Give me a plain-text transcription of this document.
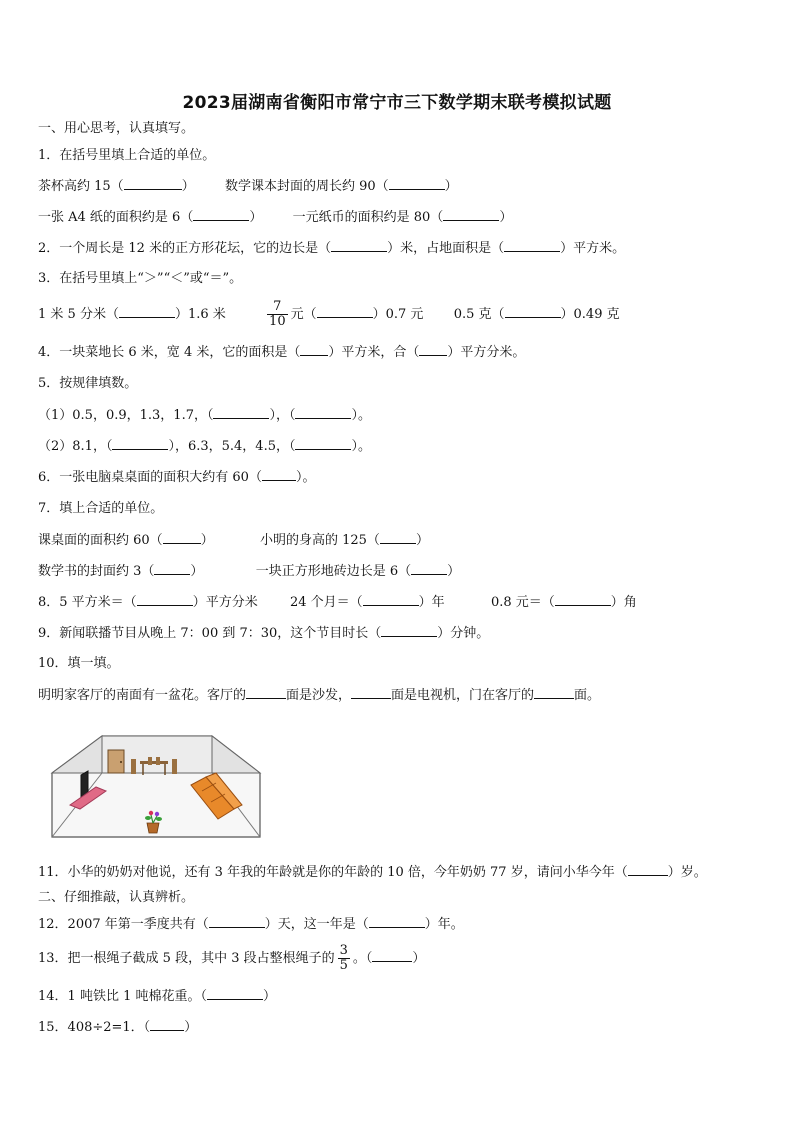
2023届湖南省衡阳市常宁市三下数学期末联考模拟试题
一、用心思考，认真填写。
1．在括号里填上合适的单位。
茶杯高约 15（	） 数学课本封面的周长约 90（	）
一张 A4 纸的面积约是 6（	） 一元纸币的面积约是 80（	）
2．一个周长是 12 米的正方形花坛，它的边长是（	）米，占地面积是（	）平方米。
3．在括号里填上“＞”“＜”或“＝”。
1 米 5 分米（	）1.6 米	$\frac{7}{10}$ 元（	）0.7 元 0.5 克（	）0.49 克
4．一块菜地长 6 米，宽 4 米，它的面积是（ ）平方米，合（ ）平方分米。
5．按规律填数。
（1）0.5，0.9，1.3，1.7，（	），（	）。
（2）8.1，（	），6.3，5.4，4.5，（	）。
6．一张电脑桌桌面的面积大约有 60（	）。
7．填上合适的单位。
课桌面的面积约 60（	）	小明的身高的 125（	）
数学书的封面约 3（	）	一块正方形地砖边长是 6（	）
8．5 平方米＝（	）平方分米 24 个月＝（	）年	0.8 元＝（	）角
9．新闻联播节目从晚上 7：00 到 7：30，这个节目时长（	）分钟。
10．填一填。
明明家客厅的南面有一盆花。客厅的	面是沙发，	面是电视机，门在客厅的	面。
11．小华的奶奶对他说，还有 3 年我的年龄就是你的年龄的 10 倍，今年奶奶 77 岁，请问小华今年（	）岁。
二、仔细推敲，认真辨析。
12．2007 年第一季度共有（	）天，这一年是（	）年。
13．把一根绳子截成 5 段，其中 3 段占整根绳子的 $\frac{3}{5}$ 。（	）
14．1 吨铁比 1 吨棉花重。（	）
15．408÷2=1．（	）
